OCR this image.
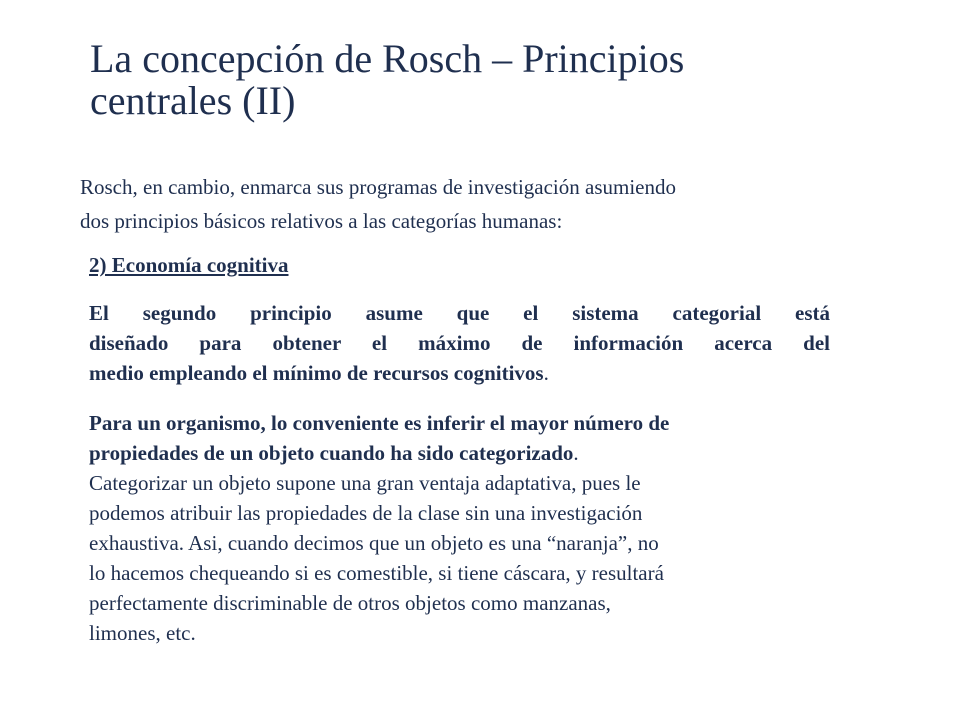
La concepción de Rosch – Principios
centrales (II)

Rosch, en cambio, enmarca sus programas de investigación asumiendo
dos principios básicos relativos a las categorías humanas:

2) Economía cognitiva

El segundo principio asume que el sistema categorial está
diseñado para obtener el máximo de información acerca del
medio empleando el mínimo de recursos cognitivos.

Para un organismo, lo conveniente es inferir el mayor número de
propiedades de un objeto cuando ha sido categorizado.
Categorizar un objeto supone una gran ventaja adaptativa, pues le
podemos atribuir las propiedades de la clase sin una investigación
exhaustiva. Asi, cuando decimos que un objeto es una “naranja”, no
lo hacemos chequeando si es comestible, si tiene cáscara, y resultará
perfectamente discriminable de otros objetos como manzanas,
limones, etc.
